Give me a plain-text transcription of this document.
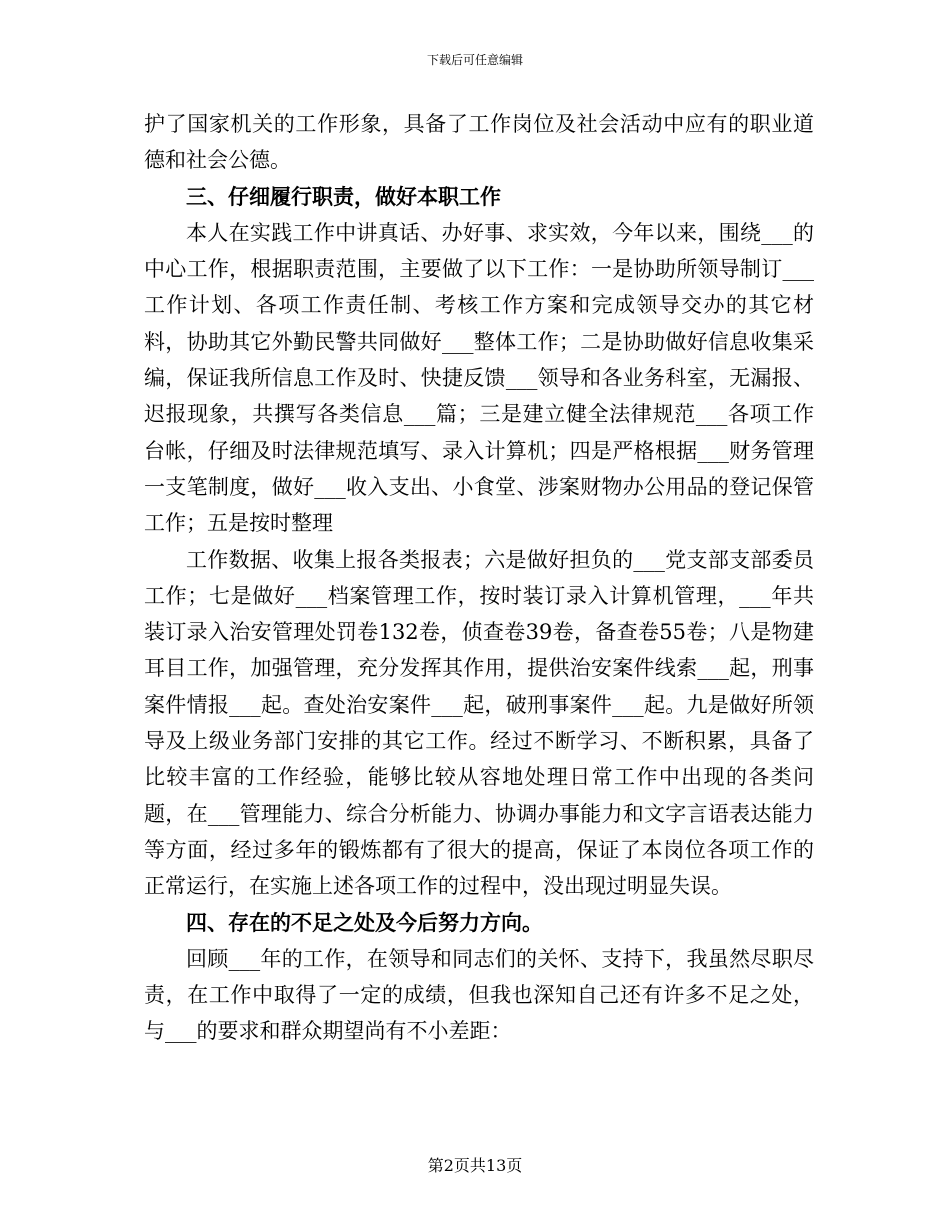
下载后可任意编辑

护了国家机关的工作形象，具备了工作岗位及社会活动中应有的职业道德和社会公德。

三、仔细履行职责，做好本职工作

本人在实践工作中讲真话、办好事、求实效，今年以来，围绕___的中心工作，根据职责范围，主要做了以下工作：一是协助所领导制订___工作计划、各项工作责任制、考核工作方案和完成领导交办的其它材料，协助其它外勤民警共同做好___整体工作；二是协助做好信息收集采编，保证我所信息工作及时、快捷反馈___领导和各业务科室，无漏报、迟报现象，共撰写各类信息___篇；三是建立健全法律规范___各项工作台帐，仔细及时法律规范填写、录入计算机；四是严格根据___财务管理一支笔制度，做好___收入支出、小食堂、涉案财物办公用品的登记保管工作；五是按时整理

工作数据、收集上报各类报表；六是做好担负的___党支部支部委员工作；七是做好___档案管理工作，按时装订录入计算机管理，___年共装订录入治安管理处罚卷132卷，侦查卷39卷，备查卷55卷；八是物建耳目工作，加强管理，充分发挥其作用，提供治安案件线索___起，刑事案件情报___起。查处治安案件___起，破刑事案件___起。九是做好所领导及上级业务部门安排的其它工作。经过不断学习、不断积累，具备了比较丰富的工作经验，能够比较从容地处理日常工作中出现的各类问题，在___管理能力、综合分析能力、协调办事能力和文字言语表达能力等方面，经过多年的锻炼都有了很大的提高，保证了本岗位各项工作的正常运行，在实施上述各项工作的过程中，没出现过明显失误。

四、存在的不足之处及今后努力方向。

回顾___年的工作，在领导和同志们的关怀、支持下，我虽然尽职尽责，在工作中取得了一定的成绩，但我也深知自己还有许多不足之处，与___的要求和群众期望尚有不小差距：

第2页共13页
